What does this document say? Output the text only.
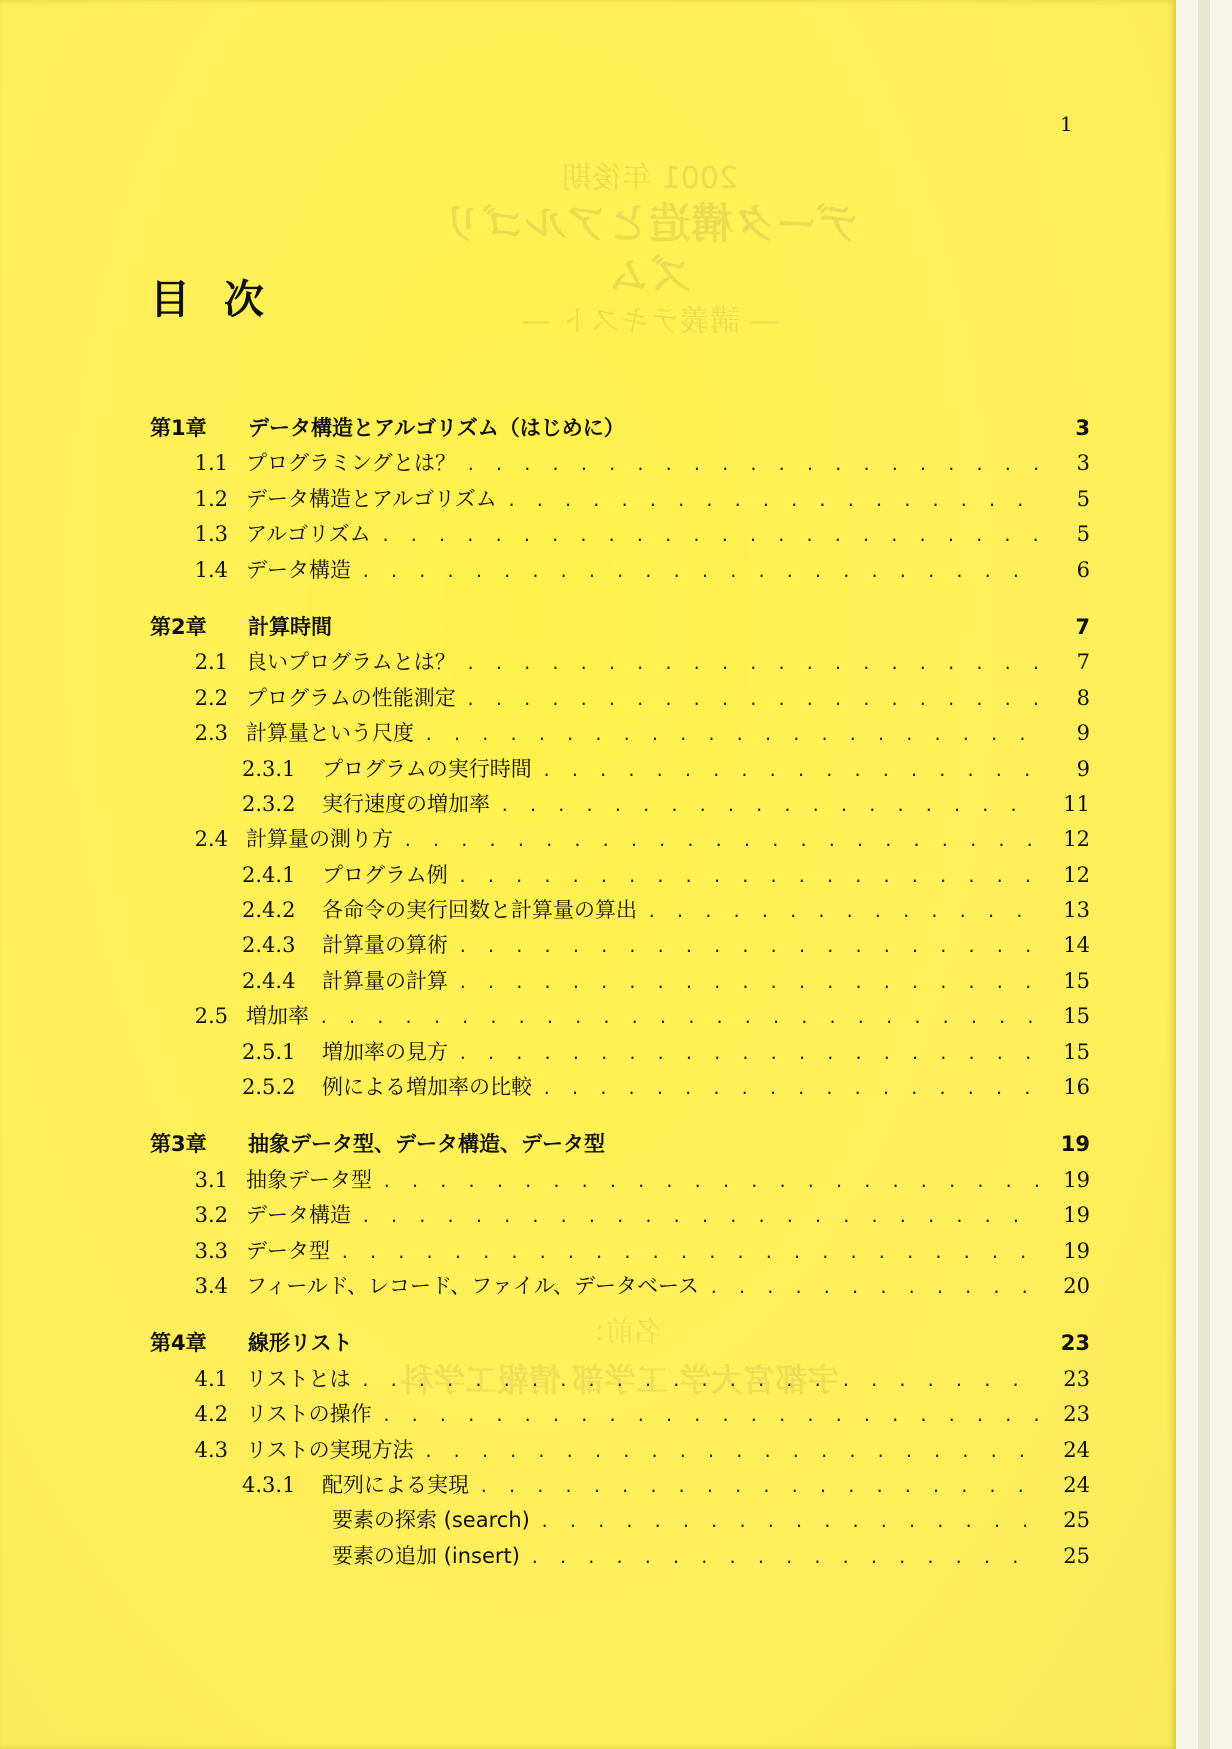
1
目 次
第1章	データ構造とアルゴリズム（はじめに）	3
1.1 プログラミングとは？ . . .	3
1.2 データ構造とアルゴリズム . . .	5
1.3 アルゴリズム . . .	5
1.4 データ構造 . . .	6
第2章	計算時間	7
2.1 良いプログラムとは？ . . .	7
2.2 プログラムの性能測定 . . .	8
2.3 計算量という尺度 . . .	9
2.3.1	プログラムの実行時間 . . .	9
2.3.2	実行速度の増加率 . . .	11
2.4 計算量の測り方 . . .	12
2.4.1	プログラム例 . . .	12
2.4.2	各命令の実行回数と計算量の算出 . . .	13
2.4.3	計算量の算術 . . .	14
2.4.4	計算量の計算 . . .	15
2.5 増加率 . . .	15
2.5.1	増加率の見方 . . .	15
2.5.2	例による増加率の比較 . . .	16
第3章	抽象データ型、データ構造、データ型	19
3.1 抽象データ型 . . .	19
3.2 データ構造 . . .	19
3.3 データ型 . . .	19
3.4 フィールド、レコード、ファイル、データベース . . .	20
第4章	線形リスト	23
4.1 リストとは . . .	23
4.2 リストの操作 . . .	23
4.3 リストの実現方法 . . .	24
4.3.1	配列による実現 . . .	24
要素の探索 (search) . . .	25
要素の追加 (insert) . . .	25
